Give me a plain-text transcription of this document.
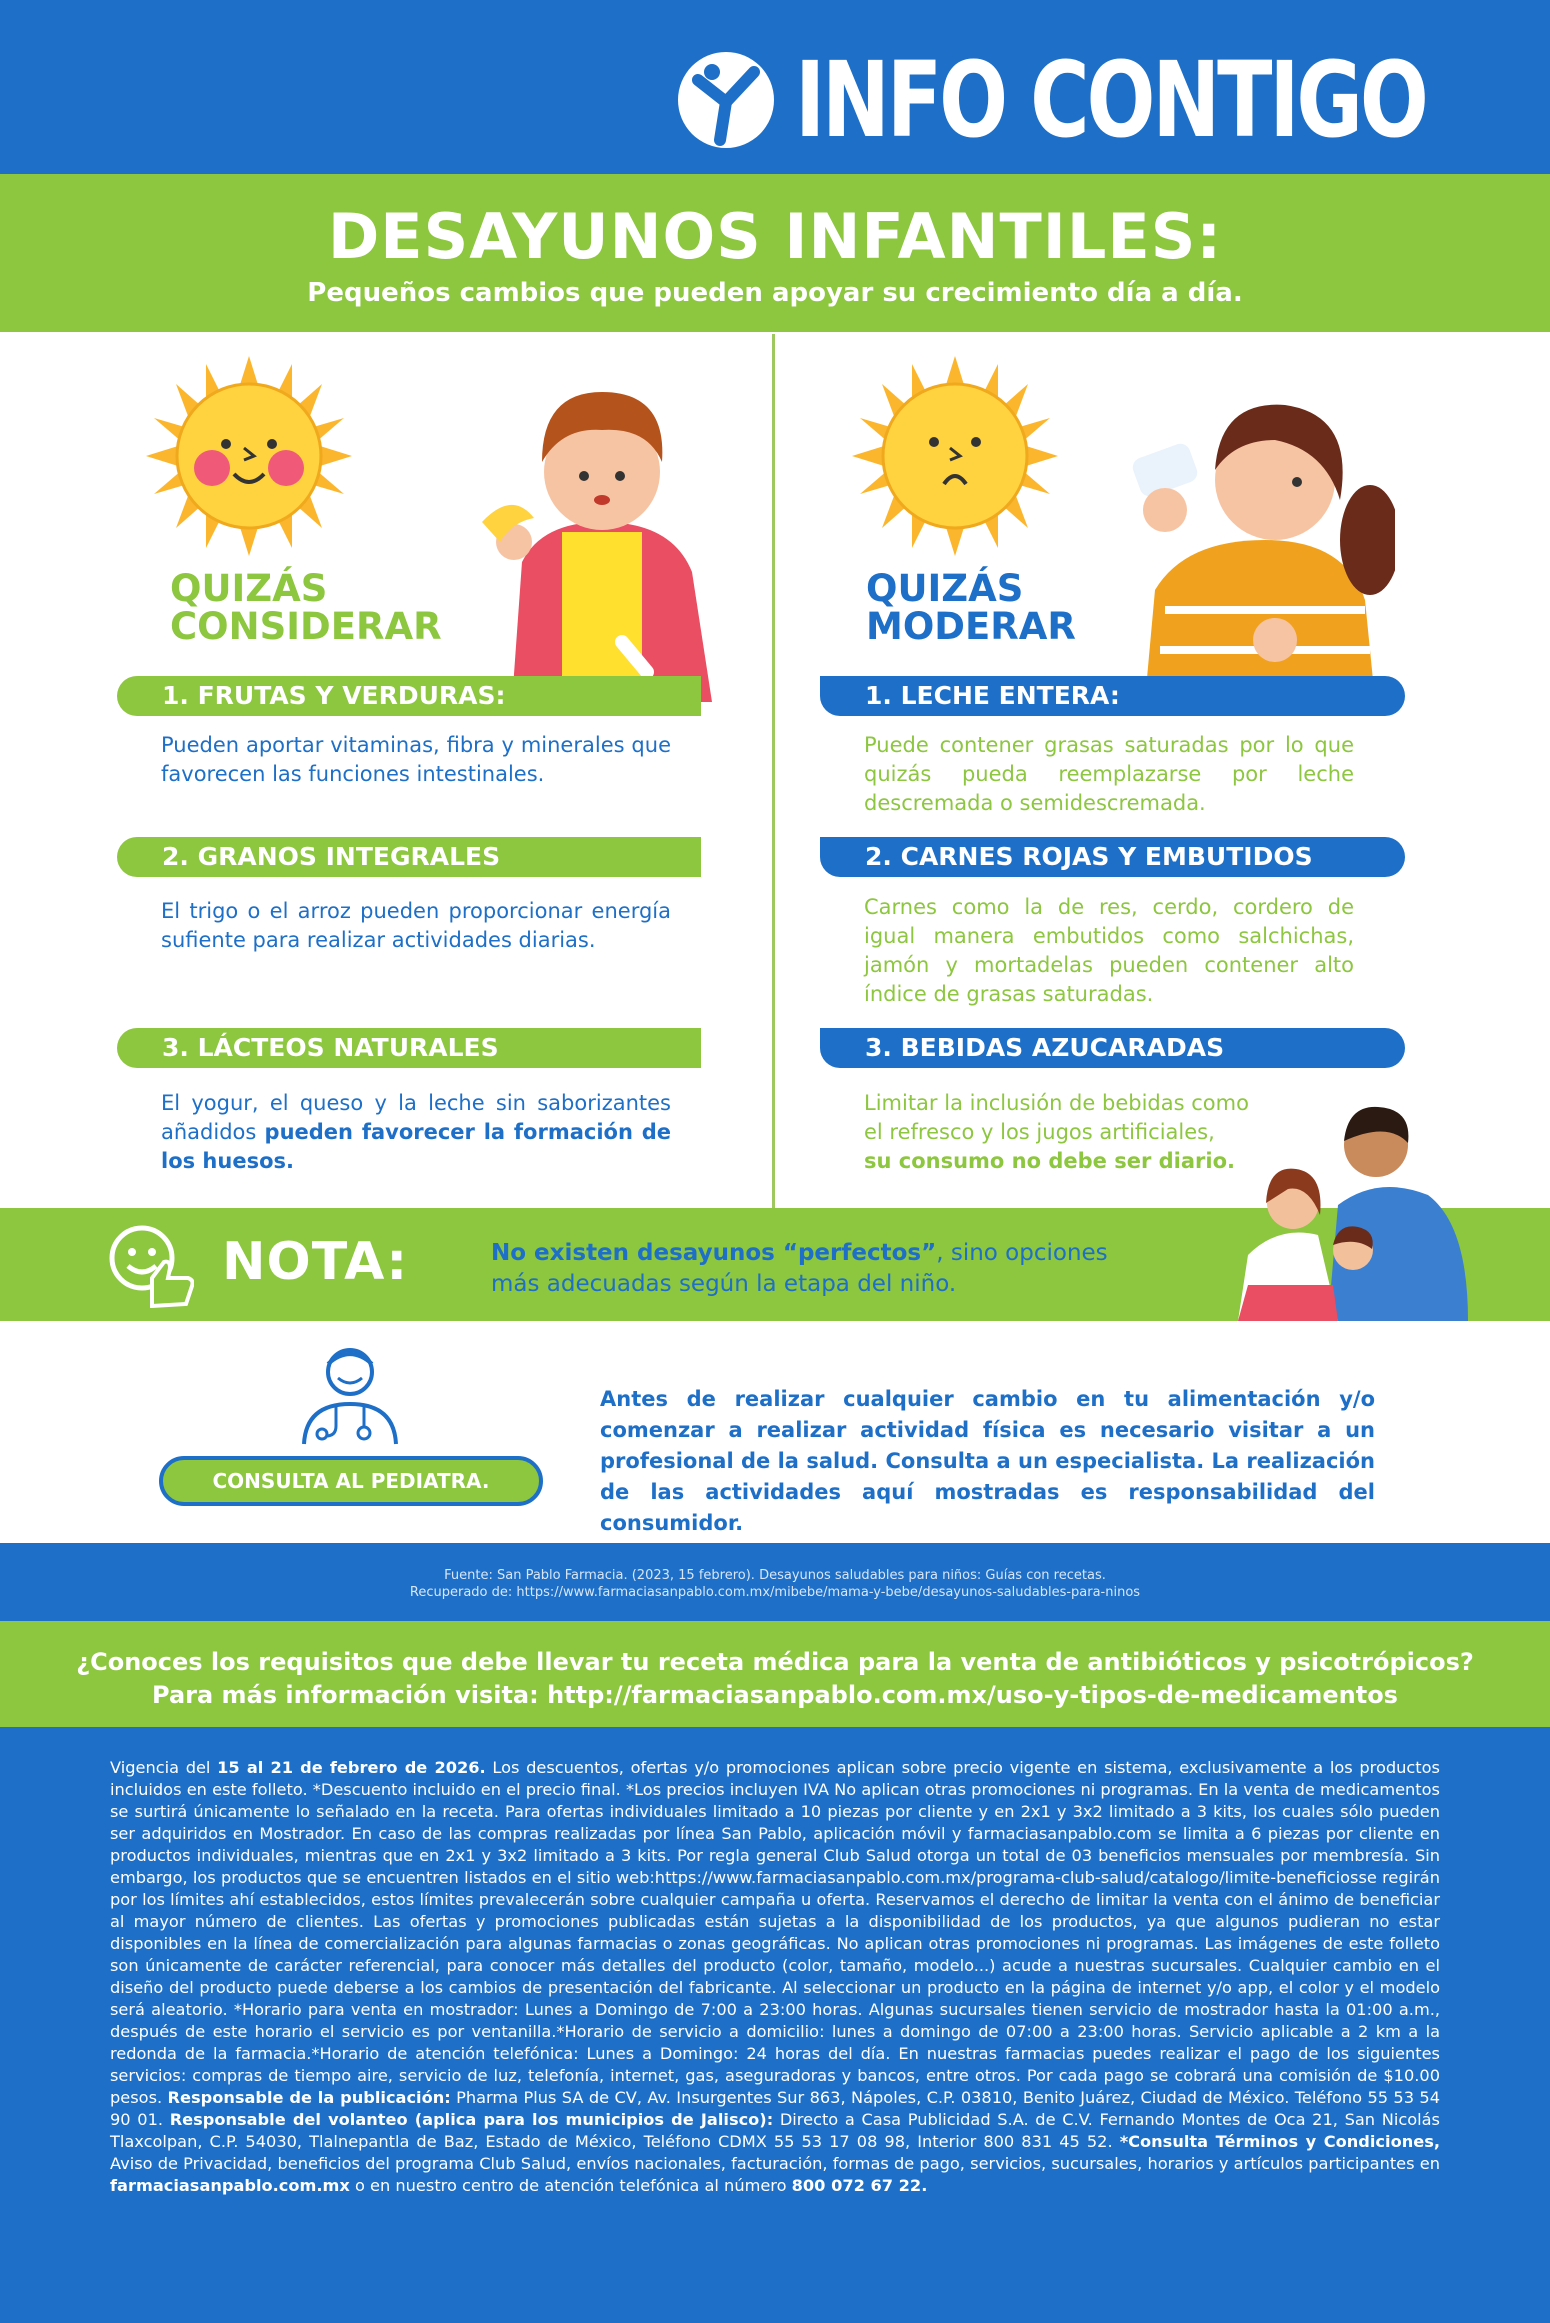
INFO CONTIGO
DESAYUNOS INFANTILES:
Pequeños cambios que pueden apoyar su crecimiento día a día.
QUIZÁS
CONSIDERAR
1. FRUTAS Y VERDURAS:
Pueden aportar vitaminas, fibra y minerales que favorecen las funciones intestinales.
2. GRANOS INTEGRALES
El trigo o el arroz pueden proporcionar energía sufiente para realizar actividades diarias.
3. LÁCTEOS NATURALES
El yogur, el queso y la leche sin saborizantes añadidos pueden favorecer la formación de los huesos.
QUIZÁS
MODERAR
1. LECHE ENTERA:
Puede contener grasas saturadas por lo que quizás pueda reemplazarse por leche descremada o semidescremada.
2. CARNES ROJAS Y EMBUTIDOS
Carnes como la de res, cerdo, cordero de igual manera embutidos como salchichas, jamón y mortadelas pueden contener alto índice de grasas saturadas.
3. BEBIDAS AZUCARADAS
Limitar la inclusión de bebidas como el refresco y los jugos artificiales,
su consumo no debe ser diario.
NOTA:	No existen desayunos “perfectos”, sino opciones más adecuadas según la etapa del niño.
CONSULTA AL PEDIATRA.
Antes de realizar cualquier cambio en tu alimentación y/o comenzar a realizar actividad física es necesario visitar a un profesional de la salud. Consulta a un especialista. La realización de las actividades aquí mostradas es responsabilidad del consumidor.
Fuente: San Pablo Farmacia. (2023, 15 febrero). Desayunos saludables para niños: Guías con recetas.
Recuperado de: https://www.farmaciasanpablo.com.mx/mibebe/mama-y-bebe/desayunos-saludables-para-ninos
¿Conoces los requisitos que debe llevar tu receta médica para la venta de antibióticos y psicotrópicos?
Para más información visita: http://farmaciasanpablo.com.mx/uso-y-tipos-de-medicamentos
Vigencia del 15 al 21 de febrero de 2026. Los descuentos, ofertas y/o promociones aplican sobre precio vigente en sistema, exclusivamente a los productos incluidos en este folleto. *Descuento incluido en el precio final. *Los precios incluyen IVA No aplican otras promociones ni programas. En la venta de medicamentos se surtirá únicamente lo señalado en la receta. Para ofertas individuales limitado a 10 piezas por cliente y en 2x1 y 3x2 limitado a 3 kits, los cuales sólo pueden ser adquiridos en Mostrador. En caso de las compras realizadas por línea San Pablo, aplicación móvil y farmaciasanpablo.com se limita a 6 piezas por cliente en productos individuales, mientras que en 2x1 y 3x2 limitado a 3 kits. Por regla general Club Salud otorga un total de 03 beneficios mensuales por membresía. Sin embargo, los productos que se encuentren listados en el sitio web:https://www.farmaciasanpablo.com.mx/programa-club-salud/catalogo/limite-beneficiosse regirán por los límites ahí establecidos, estos límites prevalecerán sobre cualquier campaña u oferta. Reservamos el derecho de limitar la venta con el ánimo de beneficiar al mayor número de clientes. Las ofertas y promociones publicadas están sujetas a la disponibilidad de los productos, ya que algunos pudieran no estar disponibles en la línea de comercialización para algunas farmacias o zonas geográficas. No aplican otras promociones ni programas. Las imágenes de este folleto son únicamente de carácter referencial, para conocer más detalles del producto (color, tamaño, modelo...) acude a nuestras sucursales. Cualquier cambio en el diseño del producto puede deberse a los cambios de presentación del fabricante. Al seleccionar un producto en la página de internet y/o app, el color y el modelo será aleatorio. *Horario para venta en mostrador: Lunes a Domingo de 7:00 a 23:00 horas. Algunas sucursales tienen servicio de mostrador hasta la 01:00 a.m., después de este horario el servicio es por ventanilla.*Horario de servicio a domicilio: lunes a domingo de 07:00 a 23:00 horas. Servicio aplicable a 2 km a la redonda de la farmacia.*Horario de atención telefónica: Lunes a Domingo: 24 horas del día. En nuestras farmacias puedes realizar el pago de los siguientes servicios: compras de tiempo aire, servicio de luz, telefonía, internet, gas, aseguradoras y bancos, entre otros. Por cada pago se cobrará una comisión de $10.00 pesos. Responsable de la publicación: Pharma Plus SA de CV, Av. Insurgentes Sur 863, Nápoles, C.P. 03810, Benito Juárez, Ciudad de México. Teléfono 55 53 54 90 01. Responsable del volanteo (aplica para los municipios de Jalisco): Directo a Casa Publicidad S.A. de C.V. Fernando Montes de Oca 21, San Nicolás Tlaxcolpan, C.P. 54030, Tlalnepantla de Baz, Estado de México, Teléfono CDMX 55 53 17 08 98, Interior 800 831 45 52. *Consulta Términos y Condiciones, Aviso de Privacidad, beneficios del programa Club Salud, envíos nacionales, facturación, formas de pago, servicios, sucursales, horarios y artículos participantes en farmaciasanpablo.com.mx o en nuestro centro de atención telefónica al número 800 072 67 22.
